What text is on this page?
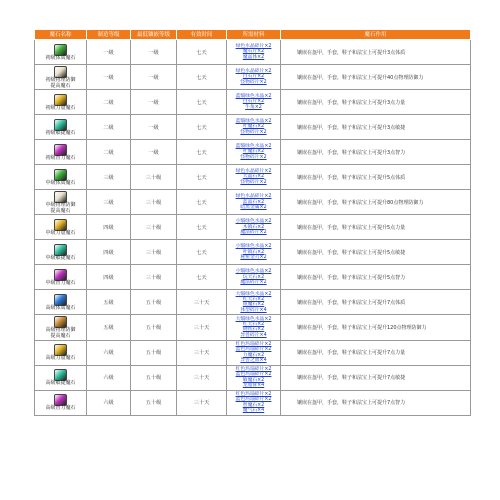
魔石名称	制造等级	最低镶嵌等级	有效时间	所需材料	魔石作用

初级体质魔石	一级	一级	七天	绿色水晶碎片×2
魔石片×2
魔晶体×2	镶嵌在盔甲，手套，鞋子和法宝上可提升3点体质

初级物理防御
提高魔石	一级	一级	七天	绿色水晶碎片×2
白石片×2
怪物碎片×2	镶嵌在盔甲，手套，鞋子和法宝上可提升40点物理防御力

初级力量魔石	二级	一级	七天	蓝翳绿色水晶×2
白石片×2
牛角×2	镶嵌在盔甲，手套，鞋子和法宝上可提升3点力量

初级敏捷魔石	二级	一级	七天	蓝翳绿色水晶×2
叶魔石×2
怪物碎片×2	镶嵌在盔甲，手套，鞋子和法宝上可提升3点敏捷

初级智力魔石	二级	一级	七天	蓝翳绿色水晶×2
叶魔石×2
怪物碎片×2	镶嵌在盔甲，手套，鞋子和法宝上可提升3点智力

中级体质魔石	三级	三十级	七天	绿色水晶碎片×2
大晶石×2
怪物碎片×2	镶嵌在盔甲，手套，鞋子和法宝上可提升5点体质

中级物理防御
提高魔石	三级	三十级	七天	绿色水晶碎片×2
蓝晶石×2
暗黑金属×2	镶嵌在盔甲，手套，鞋子和法宝上可提升80点物理防御力

中级力量魔石	四级	三十级	七天	小翳绿色水晶×2
木镇石×2
魔法碎片×2	镶嵌在盔甲，手套，鞋子和法宝上可提升5点力量

中级敏捷魔石	四级	三十级	七天	小翳绿色水晶×2
叶镇石×2
秘密金刃×2	镶嵌在盔甲，手套，鞋子和法宝上可提升5点敏捷

中级智力魔石	四级	三十级	七天	小翳绿色水晶×2
玩天石×2
魔法碎片×2	镶嵌在盔甲，手套，鞋子和法宝上可提升5点智力

高级体质魔石	五级	五十级	三十天	大翳绿色水晶×2
红天石×2
银魔石×2
体型碎片×4	镶嵌在盔甲，手套，鞋子和法宝上可提升7点体质

高级物理防御
提高魔石	五级	五十级	三十天	大翳绿色水晶×2
红天石×2
钢铁石×2
异兽碎片×4	镶嵌在盔甲，手套，鞋子和法宝上可提升120点物理防御力

高级力量魔石	六级	五十级	三十天	红色玛瑙碎片×2
蓝色玛瑙碎片×2
力魔石×2
异兽之血×4	镶嵌在盔甲，手套，鞋子和法宝上可提升7点力量

高级敏捷魔石	六级	五十级	三十天	红色玛瑙碎片×2
蓝色玛瑙碎片×2
敏魔石×2
龙脂膏×4	镶嵌在盔甲，手套，鞋子和法宝上可提升7点敏捷

高级智力魔石	六级	五十级	三十天	红色玛瑙碎片×2
蓝色玛瑙碎片×2
智魔石×2
魔气石×4	镶嵌在盔甲，手套，鞋子和法宝上可提升7点智力
